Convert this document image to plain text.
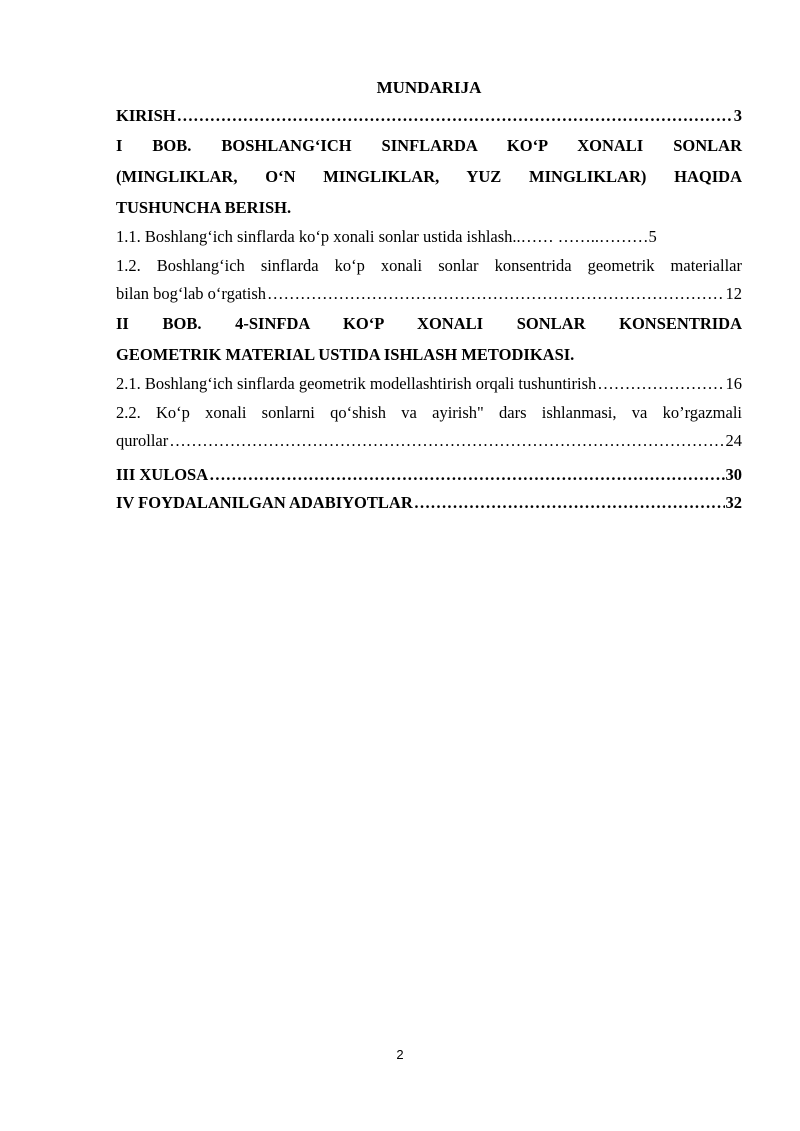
MUNDARIJA
KIRISH ……………………………………………………………………………………………………………………………………………………………………………………	3
I BOB. BOSHLANG‘ICH SINFLARDA KO‘P XONALI SONLAR
(MINGLIKLAR, O‘N MINGLIKLAR, YUZ MINGLIKLAR) HAQIDA
TUSHUNCHA BERISH.
1.1. Boshlang‘ich sinflarda ko‘p xonali sonlar ustida ishlash..…… ……..……… 5
1.2. Boshlang‘ich sinflarda ko‘p xonali sonlar konsentrida geometrik materiallar
bilan bog‘lab o‘rgatish ……………………………………………………………………………………………………………………………………………………………………………………	12
II BOB. 4-SINFDA KO‘P XONALI SONLAR KONSENTRIDA
GEOMETRIK MATERIAL USTIDA ISHLASH METODIKASI.
2.1. Boshlang‘ich sinflarda geometrik modellashtirish orqali tushuntirish ……………………………………………………………………………………………………………………………………………………………………………………	16
2.2. Ko‘p xonali sonlarni qo‘shish va ayirish" dars ishlanmasi, va ko’rgazmali
qurollar ……………………………………………………………………………………………………………………………………………………………………………………	24
III XULOSA ……………………………………………………………………………………………………………………………………………………………………………………	30
IV FOYDALANILGAN ADABIYOTLAR ……………………………………………………………………………………………………………………………………………………………………………………	32
2
